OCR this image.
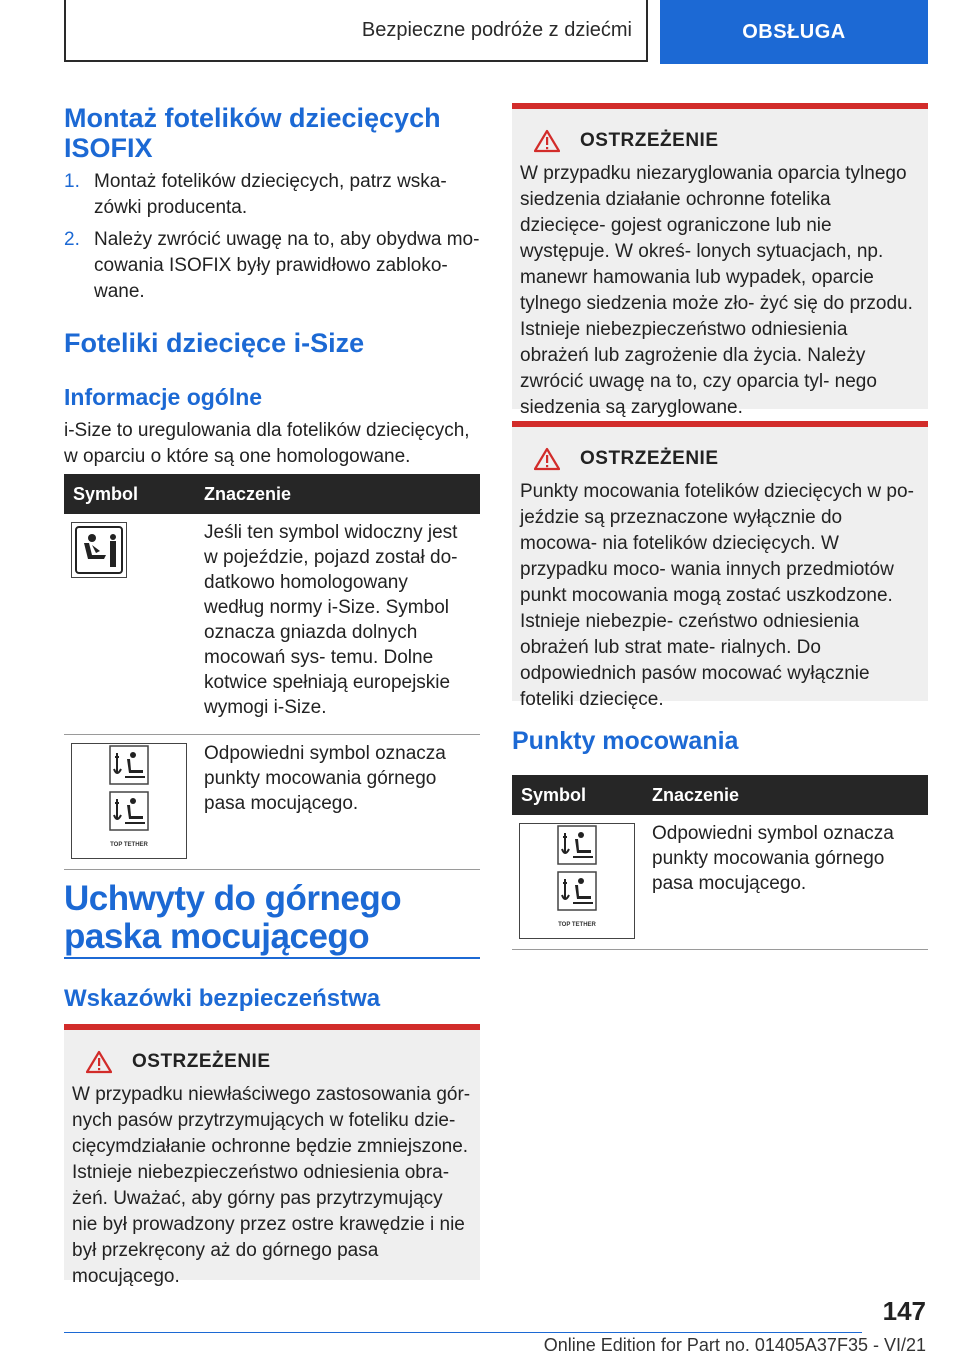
Bezpieczne podróże z dziećmi	OBSŁUGA
Montaż fotelików dziecięcych ISOFIX
1. Montaż fotelików dziecięcych, patrz wska- zówki producenta.
2. Należy zwrócić uwagę na to, aby obydwa mo- cowania ISOFIX były prawidłowo zabloko- wane.
Foteliki dziecięce i-Size
Informacje ogólne

i-Size to uregulowania dla fotelików dziecięcych, w oparciu o które są one homologowane.

Symbol	Znaczenie

	Jeśli ten symbol widoczny jest w pojeździe, pojazd został do- datkowo homologowany według normy i-Size. Symbol oznacza gniazda dolnych mocowań sys- temu. Dolne kotwice spełniają europejskie wymogi i-Size.

TOP TETHER	Odpowiedni symbol oznacza punkty mocowania górnego pasa mocującego.
Uchwyty do górnego paska mocującego
Wskazówki bezpieczeństwa
OSTRZEŻENIE

W przypadku niewłaściwego zastosowania gór- nych pasów przytrzymujących w foteliku dzie- cięcymdziałanie ochronne będzie zmniejszone. Istnieje niebezpieczeństwo odniesienia obra- żeń. Uważać, aby górny pas przytrzymujący nie był prowadzony przez ostre krawędzie i nie był przekręcony aż do górnego pasa mocującego.

OSTRZEŻENIE

W przypadku niezaryglowania oparcia tylnego siedzenia działanie ochronne fotelika dziecięce- gojest ograniczone lub nie występuje. W okreś- lonych sytuacjach, np. manewr hamowania lub wypadek, oparcie tylnego siedzenia może zło- żyć się do przodu. Istnieje niebezpieczeństwo odniesienia obrażeń lub zagrożenie dla życia. Należy zwrócić uwagę na to, czy oparcia tyl- nego siedzenia są zaryglowane.

OSTRZEŻENIE

Punkty mocowania fotelików dziecięcych w po- jeździe są przeznaczone wyłącznie do mocowa- nia fotelików dziecięcych. W przypadku moco- wania innych przedmiotów punkt mocowania mogą zostać uszkodzone. Istnieje niebezpie- czeństwo odniesienia obrażeń lub strat mate- rialnych. Do odpowiednich pasów mocować wyłącznie foteliki dziecięce.

Punkty mocowania
Symbol	Znaczenie

TOP TETHER	Odpowiedni symbol oznacza punkty mocowania górnego pasa mocującego.
147
Online Edition for Part no. 01405A37F35 - VI/21
